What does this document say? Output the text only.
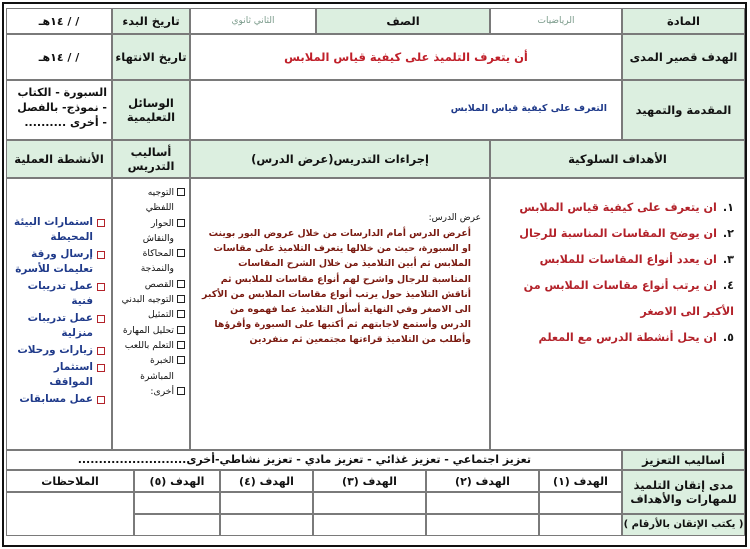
المادة
الرياضيات
الصف
الثاني ثانوي
تاريخ البدء
/ / ١٤هـ
الهدف قصير المدى
أن يتعرف التلميذ على كيفية قياس الملابس
تاريخ الانتهاء
/ / ١٤هـ
المقدمة والتمهيد
التعرف على كيفية قياس الملابس
الوسائل التعليمية
السبورة - الكتاب - نموذج- بالفصل - أخرى ..........
الأهداف السلوكية
إجراءات التدريس(عرض الدرس)
أساليب التدريس
الأنشطة العملية
١.ان يتعرف على كيفية قياس الملابس
٢.ان يوضح المقاسات المناسبة للرجال
٣.ان يعدد أنواع المقاسات للملابس
٤.ان يرتب أنواع مقاسات الملابس من الأكبر الى الاصغر
٥.ان يحل أنشطة الدرس مع المعلم
عرض الدرس:
أعرض الدرس أمام الدارسات من خلال عروض البور بوينت او السبورة، حيث من خلالها يتعرف التلاميذ على مقاسات الملابس ثم أبين التلاميذ من خلال الشرح المقاسات المناسبة للرجال واشرح لهم أنواع مقاسات للملابس ثم أناقش التلاميذ حول يرتب أنواع مقاسات الملابس من الأكبر الى الاصغر وفي النهاية أسأل التلاميذ عما فهموه من الدرس وأستمع لاجابتهم ثم أكتبها على السبورة وأقرؤها وأطلب من التلاميذ قراءتها مجتمعين ثم منفردين
التوجيه اللفظي
الحوار والنقاش
المحاكاة والنمذجة
القصص
التوجيه البدني
التمثيل
تحليل المهارة
التعلم باللعب
الخبرة المباشرة
أخرى:
استمارات البيئة المحيطة
إرسال ورقة تعليمات للأسرة
عمل تدريبات فنية
عمل تدريبات منزلية
زيارات ورحلات
استثمار المواقف
عمل مسابقات
أساليب التعزيز
تعزيز اجتماعي - تعزيز غذائي - تعزيز مادي - تعزيز نشاطي-أخرى..........................
مدى إتقان التلميذ للمهارات والأهداف
الهدف (١)
الهدف (٢)
الهدف (٣)
الهدف (٤)
الهدف (٥)
الملاحظات
( يكتب الإتقان بالأرقام )
